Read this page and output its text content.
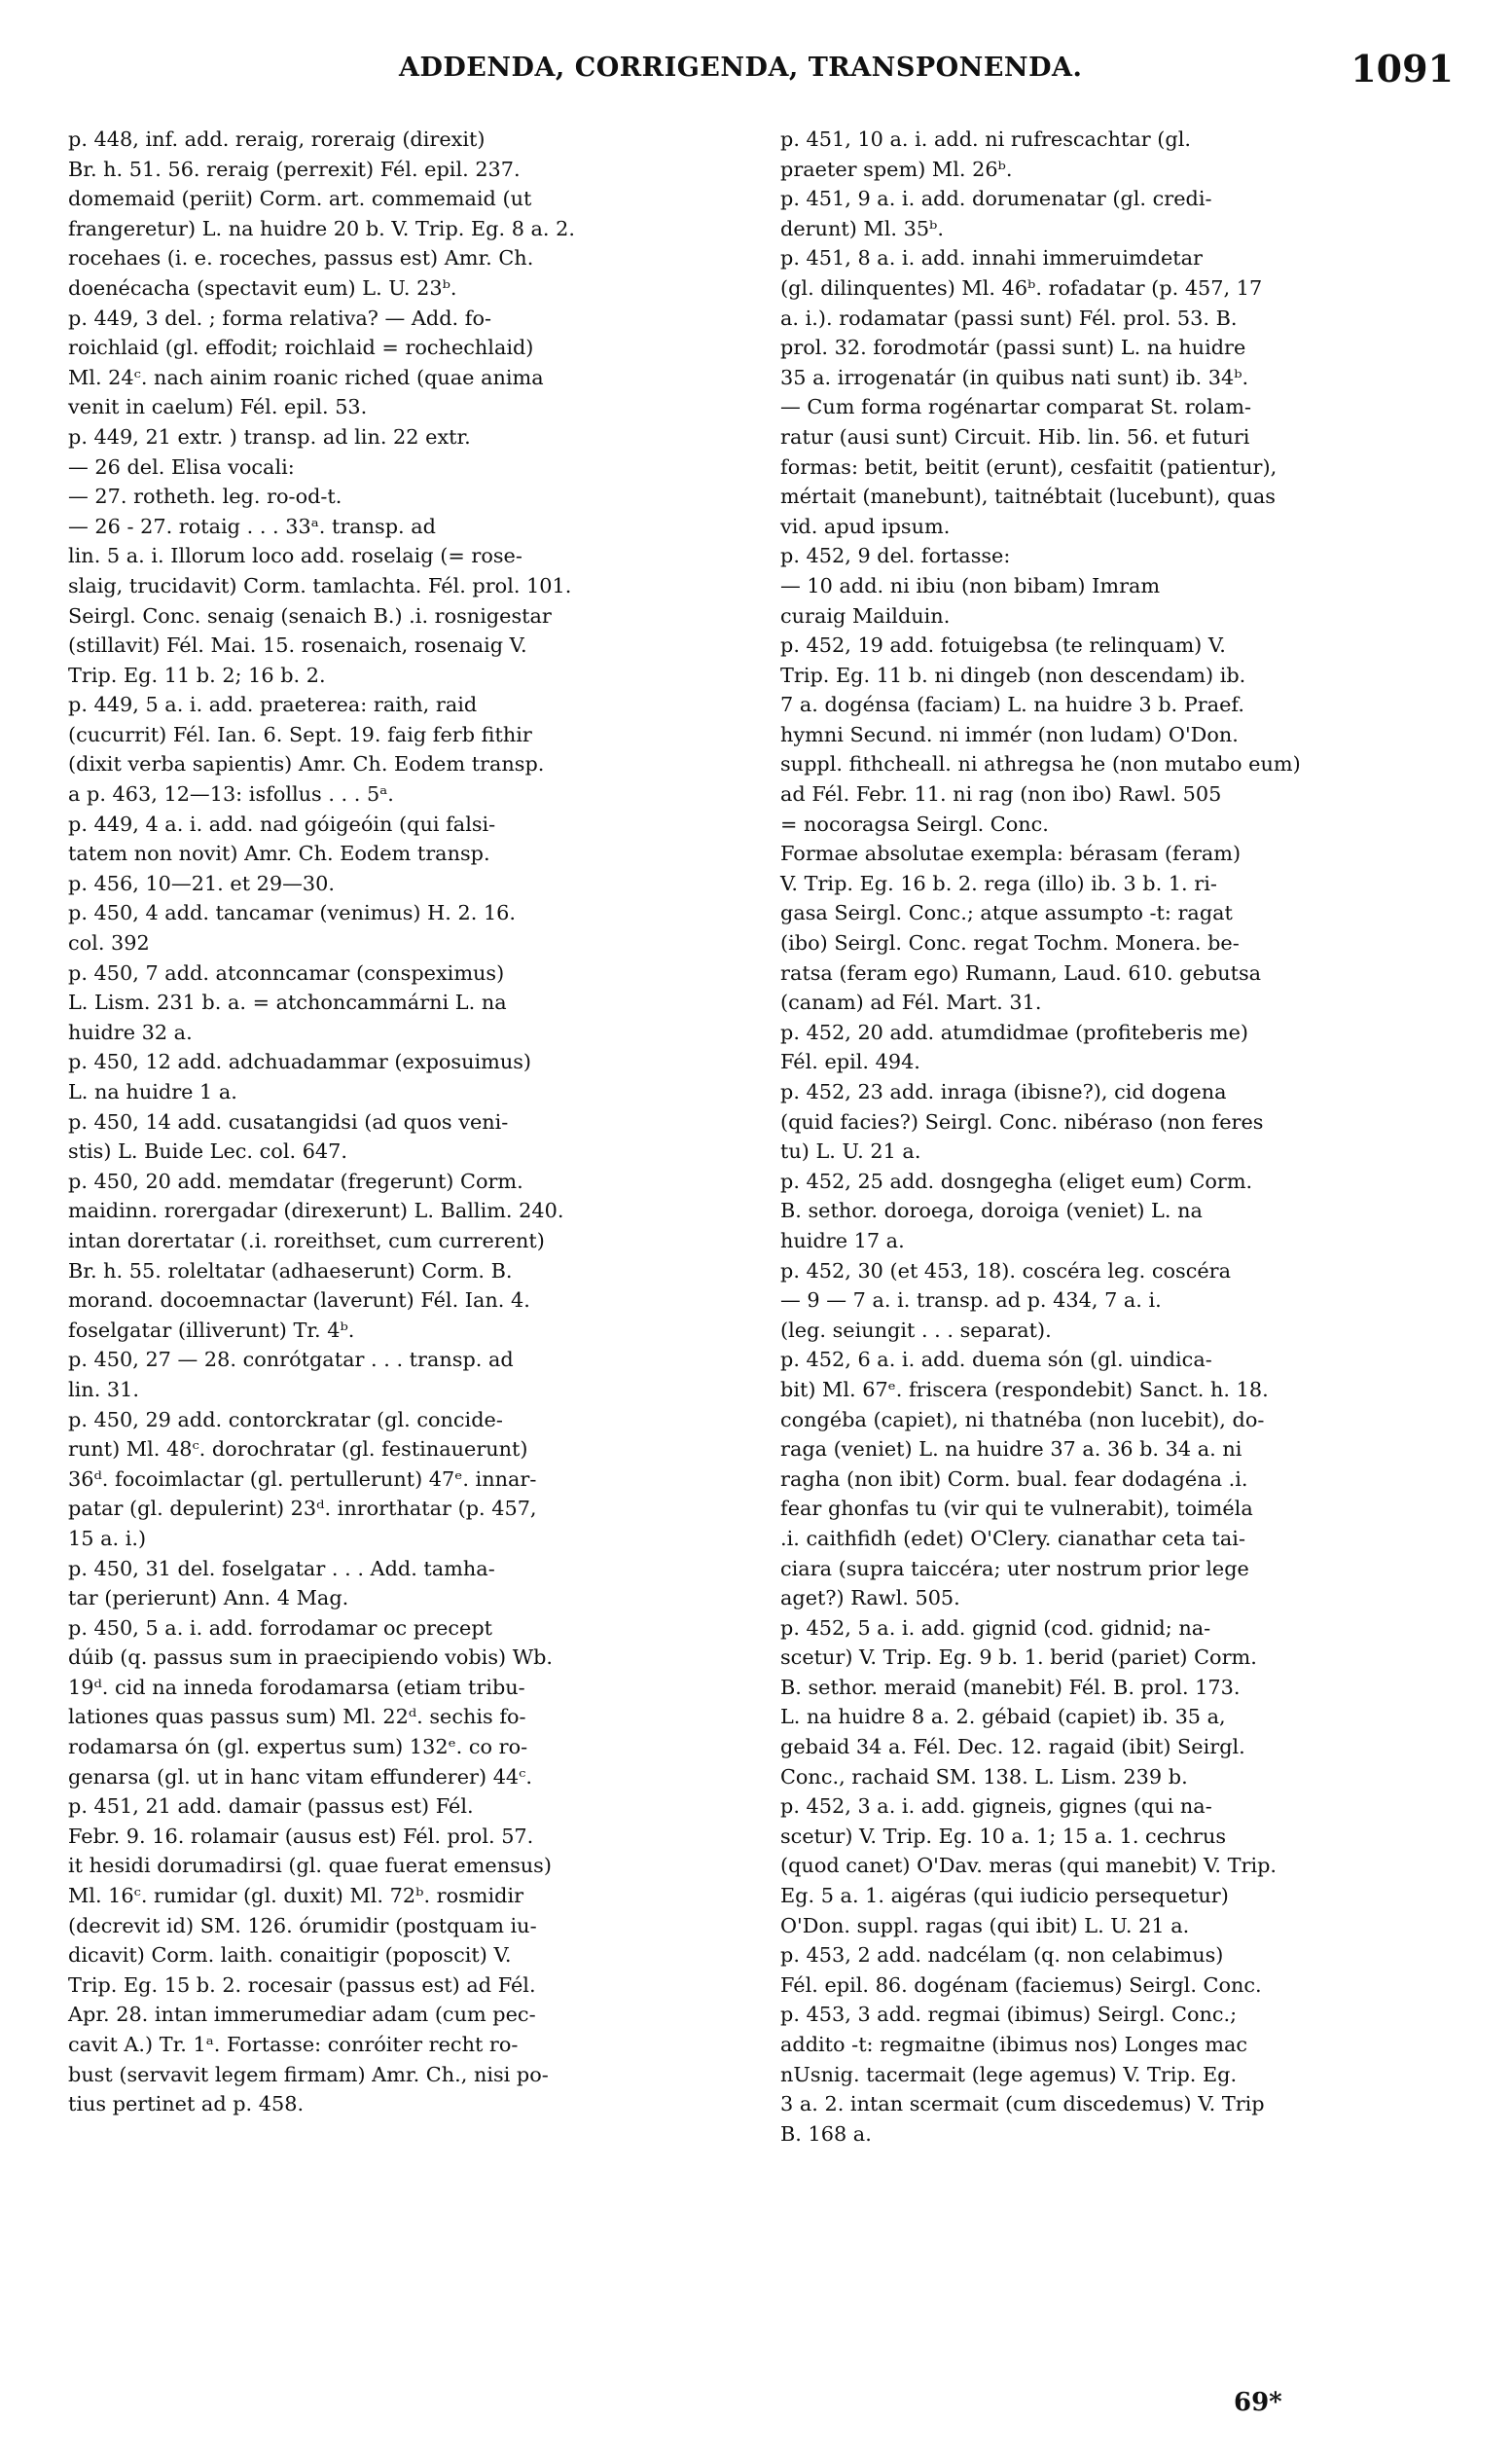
ADDENDA, CORRIGENDA, TRANSPONENDA.	1091

p. 448, inf. add. reraig, roreraig (direxit)

Br. h. 51. 56. reraig (perrexit) Fél. epil. 237.

domemaid (periit) Corm. art. commemaid (ut

frangeretur) L. na huidre 20 b. V. Trip. Eg. 8 a. 2.

rocehaes (i. e. roceches, passus est) Amr. Ch.

doenécacha (spectavit eum) L. U. 23ᵇ.

p. 449, 3 del. ; forma relativa? — Add. fo-

roichlaid (gl. effodit; roichlaid = rochechlaid)

Ml. 24ᶜ. nach ainim roanic riched (quae anima

venit in caelum) Fél. epil. 53.

p. 449, 21 extr. ) transp. ad lin. 22 extr.

— 26 del. Elisa vocali:

— 27. rotheth. leg. ro-od-t.

— 26 - 27. rotaig . . . 33ᵃ. transp. ad

lin. 5 a. i. Illorum loco add. roselaig (= rose-

slaig, trucidavit) Corm. tamlachta. Fél. prol. 101.

Seirgl. Conc. senaig (senaich B.) .i. rosnigestar

(stillavit) Fél. Mai. 15. rosenaich, rosenaig V.

Trip. Eg. 11 b. 2; 16 b. 2.

p. 449, 5 a. i. add. praeterea: raith, raid

(cucurrit) Fél. Ian. 6. Sept. 19. faig ferb fithir

(dixit verba sapientis) Amr. Ch. Eodem transp.

a p. 463, 12—13: isfollus . . . 5ᵃ.

p. 449, 4 a. i. add. nad góigeóin (qui falsi-

tatem non novit) Amr. Ch. Eodem transp.

p. 456, 10—21. et 29—30.

p. 450, 4 add. tancamar (venimus) H. 2. 16.

col. 392

p. 450, 7 add. atconncamar (conspeximus)

L. Lism. 231 b. a. = atchoncammárni L. na

huidre 32 a.

p. 450, 12 add. adchuadammar (exposuimus)

L. na huidre 1 a.

p. 450, 14 add. cusatangidsi (ad quos veni-

stis) L. Buide Lec. col. 647.

p. 450, 20 add. memdatar (fregerunt) Corm.

maidinn. rorergadar (direxerunt) L. Ballim. 240.

intan dorertatar (.i. roreithset, cum currerent)

Br. h. 55. roleltatar (adhaeserunt) Corm. B.

morand. docoemnactar (laverunt) Fél. Ian. 4.

foselgatar (illiverunt) Tr. 4ᵇ.

p. 450, 27 — 28. conrótgatar . . . transp. ad

lin. 31.

p. 450, 29 add. contorckratar (gl. concide-

runt) Ml. 48ᶜ. dorochratar (gl. festinauerunt)

36ᵈ. focoimlactar (gl. pertullerunt) 47ᵉ. innar-

patar (gl. depulerint) 23ᵈ. inrorthatar (p. 457,

15 a. i.)

p. 450, 31 del. foselgatar . . . Add. tamha-

tar (perierunt) Ann. 4 Mag.

p. 450, 5 a. i. add. forrodamar oc precept

dúib (q. passus sum in praecipiendo vobis) Wb.

19ᵈ. cid na inneda forodamarsa (etiam tribu-

lationes quas passus sum) Ml. 22ᵈ. sechis fo-

rodamarsa ón (gl. expertus sum) 132ᵉ. co ro-

genarsa (gl. ut in hanc vitam effunderer) 44ᶜ.

p. 451, 21 add. damair (passus est) Fél.

Febr. 9. 16. rolamair (ausus est) Fél. prol. 57.

it hesidi dorumadirsi (gl. quae fuerat emensus)

Ml. 16ᶜ. rumidar (gl. duxit) Ml. 72ᵇ. rosmidir

(decrevit id) SM. 126. órumidir (postquam iu-

dicavit) Corm. laith. conaitigir (poposcit) V.

Trip. Eg. 15 b. 2. rocesair (passus est) ad Fél.

Apr. 28. intan immerumediar adam (cum pec-

cavit A.) Tr. 1ᵃ. Fortasse: conróiter recht ro-

bust (servavit legem firmam) Amr. Ch., nisi po-

tius pertinet ad p. 458.

p. 451, 10 a. i. add. ni rufrescachtar (gl.

praeter spem) Ml. 26ᵇ.

p. 451, 9 a. i. add. dorumenatar (gl. credi-

derunt) Ml. 35ᵇ.

p. 451, 8 a. i. add. innahi immeruimdetar

(gl. dilinquentes) Ml. 46ᵇ. rofadatar (p. 457, 17

a. i.). rodamatar (passi sunt) Fél. prol. 53. B.

prol. 32. forodmotár (passi sunt) L. na huidre

35 a. irrogenatár (in quibus nati sunt) ib. 34ᵇ.

— Cum forma rogénartar comparat St. rolam-

ratur (ausi sunt) Circuit. Hib. lin. 56. et futuri

formas: betit, beitit (erunt), cesfaitit (patientur),

mértait (manebunt), taitnébtait (lucebunt), quas

vid. apud ipsum.

p. 452, 9 del. fortasse:

— 10 add. ni ibiu (non bibam) Imram

curaig Mailduin.

p. 452, 19 add. fotuigebsa (te relinquam) V.

Trip. Eg. 11 b. ni dingeb (non descendam) ib.

7 a. dogénsa (faciam) L. na huidre 3 b. Praef.

hymni Secund. ni immér (non ludam) O'Don.

suppl. fithcheall. ni athregsa he (non mutabo eum)

ad Fél. Febr. 11. ni rag (non ibo) Rawl. 505

= nocoragsa Seirgl. Conc.

Formae absolutae exempla: bérasam (feram)

V. Trip. Eg. 16 b. 2. rega (illo) ib. 3 b. 1. ri-

gasa Seirgl. Conc.; atque assumpto -t: ragat

(ibo) Seirgl. Conc. regat Tochm. Monera. be-

ratsa (feram ego) Rumann, Laud. 610. gebutsa

(canam) ad Fél. Mart. 31.

p. 452, 20 add. atumdidmae (profiteberis me)

Fél. epil. 494.

p. 452, 23 add. inraga (ibisne?), cid dogena

(quid facies?) Seirgl. Conc. nibéraso (non feres

tu) L. U. 21 a.

p. 452, 25 add. dosngegha (eliget eum) Corm.

B. sethor. doroega, doroiga (veniet) L. na

huidre 17 a.

p. 452, 30 (et 453, 18). coscéra leg. coscéra

— 9 — 7 a. i. transp. ad p. 434, 7 a. i.

(leg. seiungit . . . separat).

p. 452, 6 a. i. add. duema són (gl. uindica-

bit) Ml. 67ᵉ. friscera (respondebit) Sanct. h. 18.

congéba (capiet), ni thatnéba (non lucebit), do-

raga (veniet) L. na huidre 37 a. 36 b. 34 a. ni

ragha (non ibit) Corm. bual. fear dodagéna .i.

fear ghonfas tu (vir qui te vulnerabit), toiméla

.i. caithfidh (edet) O'Clery. cianathar ceta tai-

ciara (supra taiccéra; uter nostrum prior lege

aget?) Rawl. 505.

p. 452, 5 a. i. add. gignid (cod. gidnid; na-

scetur) V. Trip. Eg. 9 b. 1. berid (pariet) Corm.

B. sethor. meraid (manebit) Fél. B. prol. 173.

L. na huidre 8 a. 2. gébaid (capiet) ib. 35 a,

gebaid 34 a. Fél. Dec. 12. ragaid (ibit) Seirgl.

Conc., rachaid SM. 138. L. Lism. 239 b.

p. 452, 3 a. i. add. gigneis, gignes (qui na-

scetur) V. Trip. Eg. 10 a. 1; 15 a. 1. cechrus

(quod canet) O'Dav. meras (qui manebit) V. Trip.

Eg. 5 a. 1. aigéras (qui iudicio persequetur)

O'Don. suppl. ragas (qui ibit) L. U. 21 a.

p. 453, 2 add. nadcélam (q. non celabimus)

Fél. epil. 86. dogénam (faciemus) Seirgl. Conc.

p. 453, 3 add. regmai (ibimus) Seirgl. Conc.;

addito -t: regmaitne (ibimus nos) Longes mac

nUsnig. tacermait (lege agemus) V. Trip. Eg.

3 a. 2. intan scermait (cum discedemus) V. Trip

B. 168 a.

69*
